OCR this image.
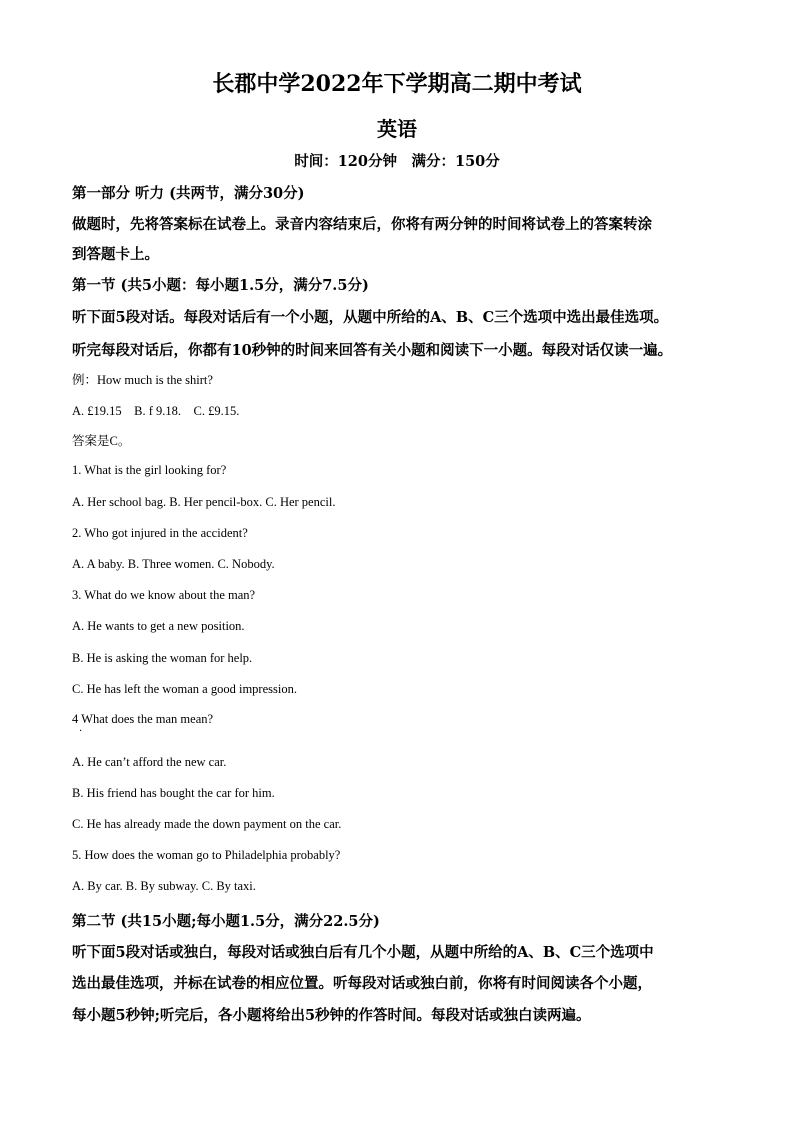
长郡中学2022年下学期高二期中考试
英语
时间：120分钟　满分：150分
第一部分 听力 (共两节，满分30分)
做题时，先将答案标在试卷上。录音内容结束后，你将有两分钟的时间将试卷上的答案转涂
到答题卡上。
第一节 (共5小题：每小题1.5分，满分7.5分)
听下面5段对话。每段对话后有一个小题，从题中所给的A、B、C三个选项中选出最佳选项。
听完每段对话后，你都有10秒钟的时间来回答有关小题和阅读下一小题。每段对话仅读一遍。
例：How much is the shirt?
A. £19.15　B. f 9.18.　C. £9.15.
答案是C。
1. What is the girl looking for?
A. Her school bag. B. Her pencil-box. C. Her pencil.
2. Who got injured in the accident?
A. A baby. B. Three women. C. Nobody.
3. What do we know about the man?
A. He wants to get a new position.
B. He is asking the woman for help.
C. He has left the woman a good impression.
4 What does the man mean?
·
A. He can’t afford the new car.
B. His friend has bought the car for him.
C. He has already made the down payment on the car.
5. How does the woman go to Philadelphia probably?
A. By car. B. By subway. C. By taxi.
第二节 (共15小题;每小题1.5分，满分22.5分)
听下面5段对话或独白，每段对话或独白后有几个小题，从题中所给的A、B、C三个选项中
选出最佳选项，并标在试卷的相应位置。听每段对话或独白前，你将有时间阅读各个小题，
每小题5秒钟;听完后，各小题将给出5秒钟的作答时间。每段对话或独白读两遍。
